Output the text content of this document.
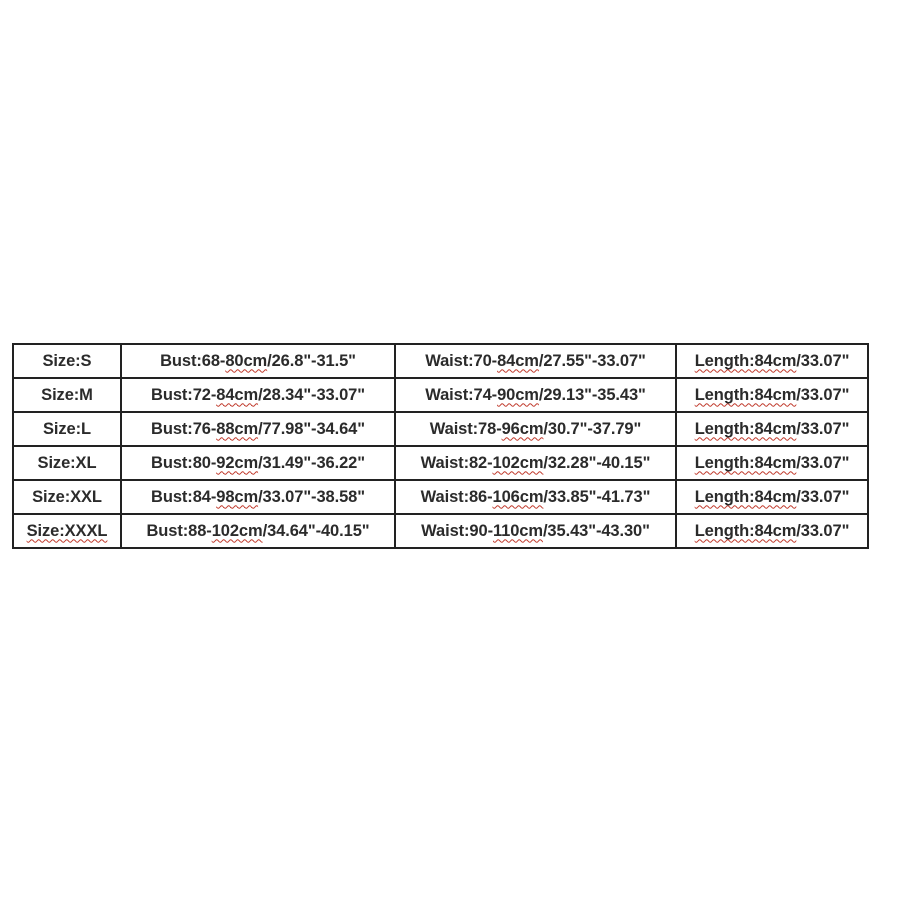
Size:S	Bust:68-80cm/26.8"-31.5"	Waist:70-84cm/27.55"-33.07"	Length:84cm/33.07"
Size:M	Bust:72-84cm/28.34"-33.07"	Waist:74-90cm/29.13"-35.43"	Length:84cm/33.07"
Size:L	Bust:76-88cm/77.98"-34.64"	Waist:78-96cm/30.7"-37.79"	Length:84cm/33.07"
Size:XL	Bust:80-92cm/31.49"-36.22"	Waist:82-102cm/32.28"-40.15"	Length:84cm/33.07"
Size:XXL	Bust:84-98cm/33.07"-38.58"	Waist:86-106cm/33.85"-41.73"	Length:84cm/33.07"
Size:XXXL	Bust:88-102cm/34.64"-40.15"	Waist:90-110cm/35.43"-43.30"	Length:84cm/33.07"
